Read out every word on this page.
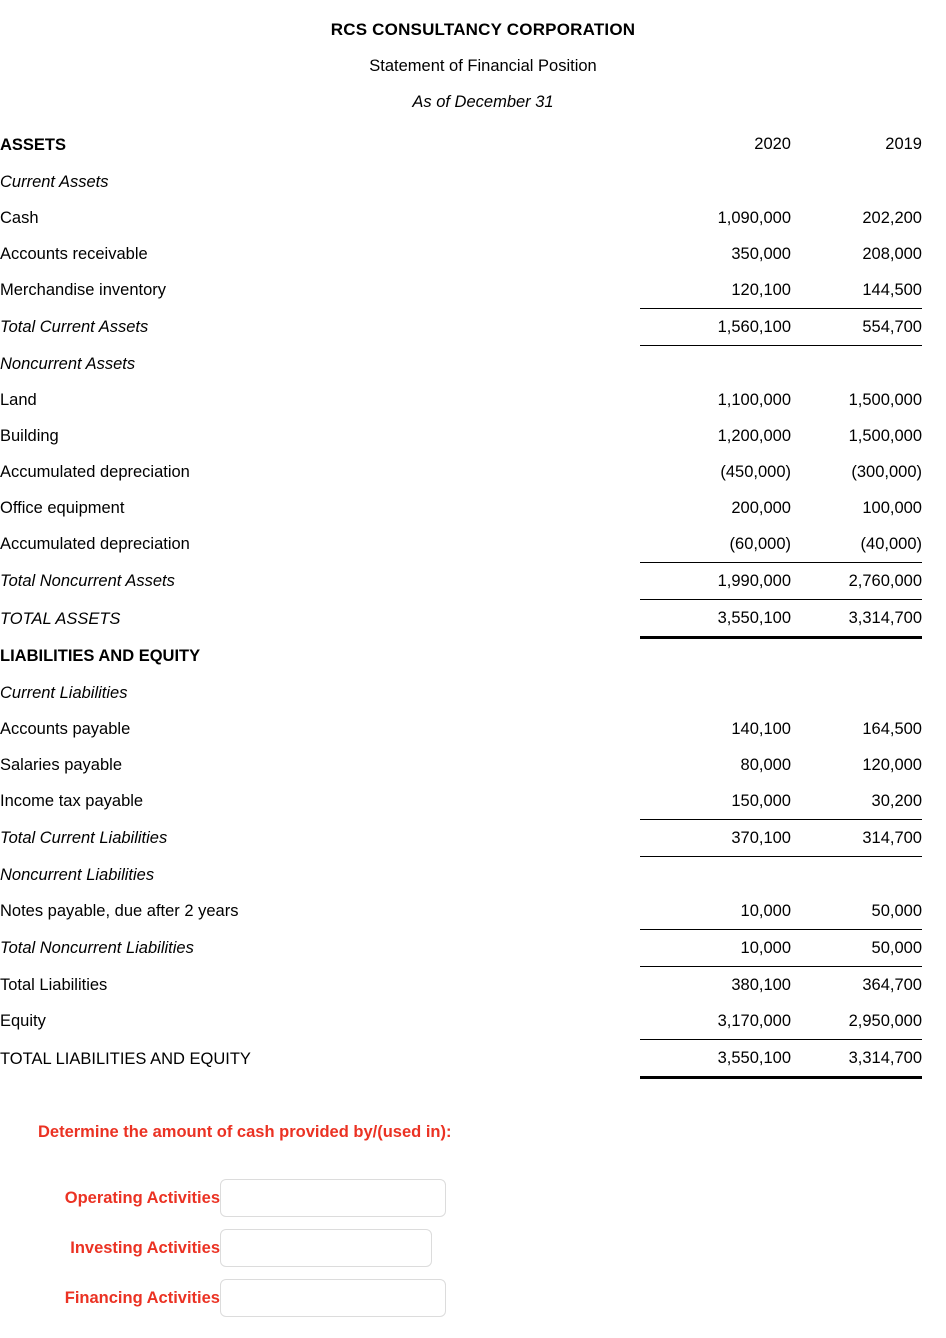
RCS CONSULTANCY CORPORATION
Statement of Financial Position
As of December 31
ASSETS	2020	2019	
Current Assets			
Cash	1,090,000	202,200	
Accounts receivable	350,000	208,000	
Merchandise inventory	120,100	144,500	
Total Current Assets	1,560,100	554,700	
Noncurrent Assets			
Land	1,100,000	1,500,000	
Building	1,200,000	1,500,000	
Accumulated depreciation	(450,000)	(300,000)	
Office equipment	200,000	100,000	
Accumulated depreciation	(60,000)	(40,000)	
Total Noncurrent Assets	1,990,000	2,760,000	
TOTAL ASSETS	3,550,100	3,314,700	
LIABILITIES AND EQUITY			
Current Liabilities			
Accounts payable	140,100	164,500	
Salaries payable	80,000	120,000	
Income tax payable	150,000	30,200	
Total Current Liabilities	370,100	314,700	
Noncurrent Liabilities			
Notes payable, due after 2 years	10,000	50,000	
Total Noncurrent Liabilities	10,000	50,000	
Total Liabilities	380,100	364,700	
Equity	3,170,000	2,950,000	
TOTAL LIABILITIES AND EQUITY	3,550,100	3,314,700	
Determine the amount of cash provided by/(used in):
Operating Activities	

Investing Activities	

Financing Activities	
